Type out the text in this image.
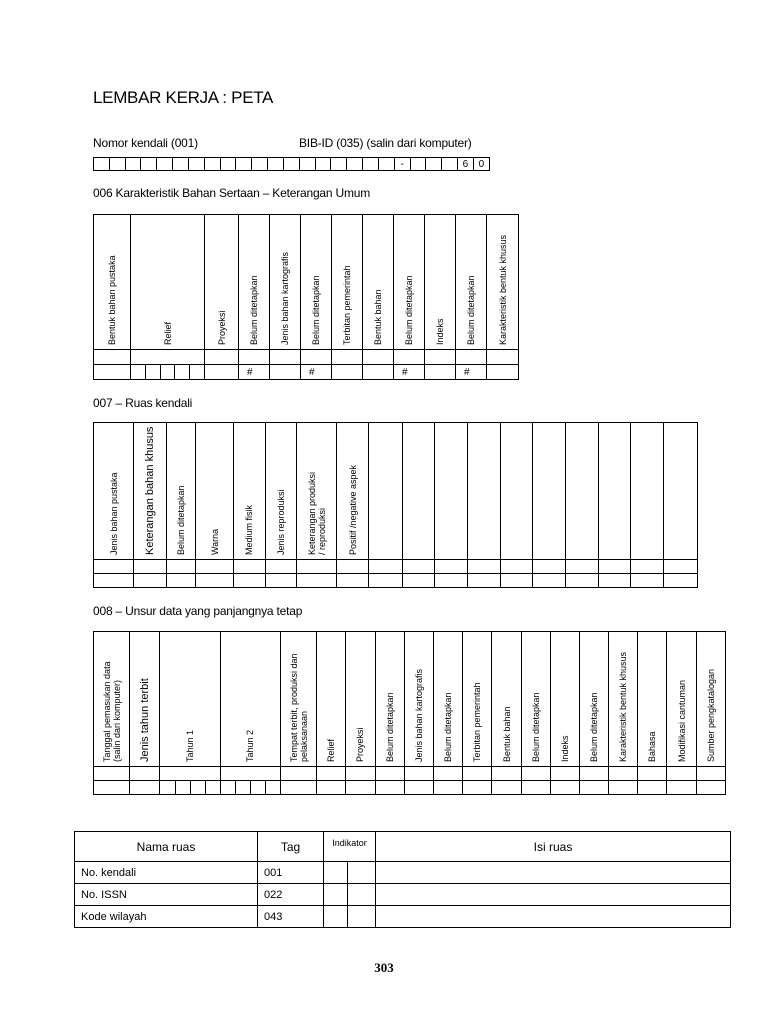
LEMBAR KERJA : PETA
Nomor kendali (001)	BIB-ID (035) (salin dari komputer)
																			-				6	0
006 Karakteristik Bahan Sertaan – Keterangan Umum
Bentuk bahan pustaka	Relief					Proyeksi	Belum ditetapkan	Jenis bahan kartografis	Belum ditetapkan	Terbitan pemerintah	Bentuk bahan	Belum ditetapkan	Indeks	Belum ditetapkan	Karakteristik bentuk khusus

							#		#			#		#	
007 – Ruas kendali
Jenis bahan pustaka	Keterangan bahan khusus	Belum ditetapkan	Warna	Medium fisik	Jenis reproduksi	Keterangan produksi / reproduksi	Positif /negative aspek										

008 – Unsur data yang panjangnya tetap
Tanggal pemasukan data (salin dari komputer)	Jenis tahun terbit	Tahun 1				Tahun 2				Tempat terbit, produksi dan pelaksanaan	Relief	Proyeksi	Belum ditetapkan	Jenis bahan kartografis	Belum ditetapkan	Terbitan pemerintah	Bentuk bahan	Belum ditetapkan	Indeks	Belum ditetapkan	Karakteristik bentuk khusus	Bahasa	Modifikasi cantuman	Sumber pengkatalogan

Nama ruas	Tag	Indikator		Isi ruas
No. kendali	001			
No. ISSN	022			
Kode wilayah	043			
303
